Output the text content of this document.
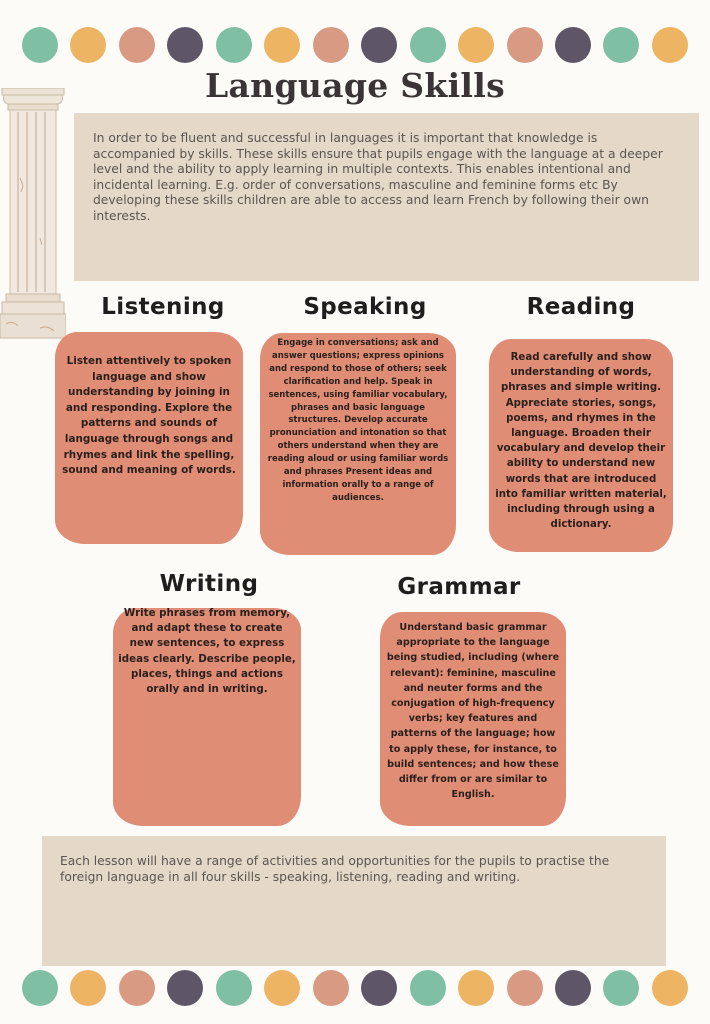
Language Skills
In order to be fluent and successful in languages it is important that knowledge is accompanied by skills. These skills ensure that pupils engage with the language at a deeper level and the ability to apply learning in multiple contexts. This enables intentional and incidental learning. E.g. order of conversations, masculine and feminine forms etc By developing these skills children are able to access and learn French by following their own interests.
Listening
Listen attentively to spoken language and show understanding by joining in and responding. Explore the patterns and sounds of language through songs and rhymes and link the spelling, sound and meaning of words.
Speaking
Engage in conversations; ask and answer questions; express opinions and respond to those of others; seek clarification and help. Speak in sentences, using familiar vocabulary, phrases and basic language structures. Develop accurate pronunciation and intonation so that others understand when they are reading aloud or using familiar words and phrases Present ideas and information orally to a range of audiences.
Reading
Read carefully and show understanding of words, phrases and simple writing. Appreciate stories, songs, poems, and rhymes in the language. Broaden their vocabulary and develop their ability to understand new words that are introduced into familiar written material, including through using a dictionary.
Writing
Write phrases from memory, and adapt these to create new sentences, to express ideas clearly. Describe people, places, things and actions orally and in writing.
Grammar
Understand basic grammar appropriate to the language being studied, including (where relevant): feminine, masculine and neuter forms and the conjugation of high-frequency verbs; key features and patterns of the language; how to apply these, for instance, to build sentences; and how these differ from or are similar to English.
Each lesson will have a range of activities and opportunities for the pupils to practise the foreign language in all four skills - speaking, listening, reading and writing.
